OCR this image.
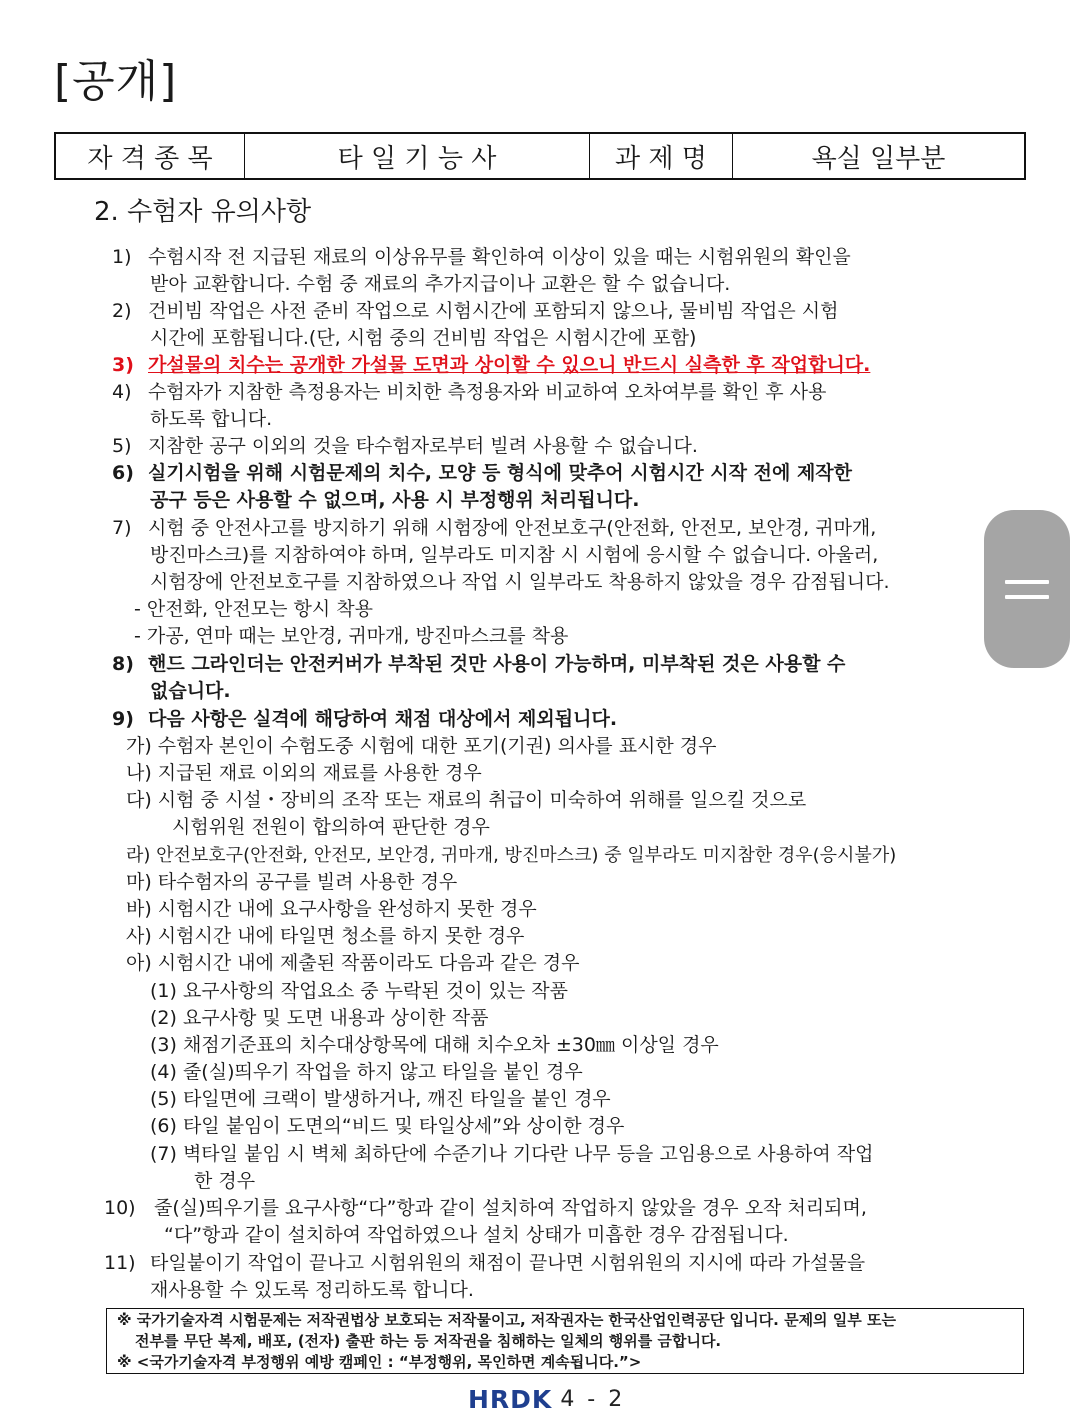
[공개]
자 격 종 목	타 일 기 능 사	과 제 명	욕실 일부분
2. 수험자 유의사항
1) 수험시작 전 지급된 재료의 이상유무를 확인하여 이상이 있을 때는 시험위원의 확인을
받아 교환합니다. 수험 중 재료의 추가지급이나 교환은 할 수 없습니다.
2) 건비빔 작업은 사전 준비 작업으로 시험시간에 포함되지 않으나, 물비빔 작업은 시험
시간에 포함됩니다.(단, 시험 중의 건비빔 작업은 시험시간에 포함)
3) 가설물의 치수는 공개한 가설물 도면과 상이할 수 있으니 반드시 실측한 후 작업합니다.
4) 수험자가 지참한 측정용자는 비치한 측정용자와 비교하여 오차여부를 확인 후 사용
하도록 합니다.
5) 지참한 공구 이외의 것을 타수험자로부터 빌려 사용할 수 없습니다.
6) 실기시험을 위해 시험문제의 치수, 모양 등 형식에 맞추어 시험시간 시작 전에 제작한
공구 등은 사용할 수 없으며, 사용 시 부정행위 처리됩니다.
7) 시험 중 안전사고를 방지하기 위해 시험장에 안전보호구(안전화, 안전모, 보안경, 귀마개,
방진마스크)를 지참하여야 하며, 일부라도 미지참 시 시험에 응시할 수 없습니다. 아울러,
시험장에 안전보호구를 지참하였으나 작업 시 일부라도 착용하지 않았을 경우 감점됩니다.
- 안전화, 안전모는 항시 착용
- 가공, 연마 때는 보안경, 귀마개, 방진마스크를 착용
8) 핸드 그라인더는 안전커버가 부착된 것만 사용이 가능하며, 미부착된 것은 사용할 수
없습니다.
9) 다음 사항은 실격에 해당하여 채점 대상에서 제외됩니다.
가) 수험자 본인이 수험도중 시험에 대한 포기(기권) 의사를 표시한 경우
나) 지급된 재료 이외의 재료를 사용한 경우
다) 시험 중 시설・장비의 조작 또는 재료의 취급이 미숙하여 위해를 일으킬 것으로
시험위원 전원이 합의하여 판단한 경우
라) 안전보호구(안전화, 안전모, 보안경, 귀마개, 방진마스크) 중 일부라도 미지참한 경우(응시불가)
마) 타수험자의 공구를 빌려 사용한 경우
바) 시험시간 내에 요구사항을 완성하지 못한 경우
사) 시험시간 내에 타일면 청소를 하지 못한 경우
아) 시험시간 내에 제출된 작품이라도 다음과 같은 경우
(1) 요구사항의 작업요소 중 누락된 것이 있는 작품
(2) 요구사항 및 도면 내용과 상이한 작품
(3) 채점기준표의 치수대상항목에 대해 치수오차 ±30㎜ 이상일 경우
(4) 줄(실)띄우기 작업을 하지 않고 타일을 붙인 경우
(5) 타일면에 크랙이 발생하거나, 깨진 타일을 붙인 경우
(6) 타일 붙임이 도면의“비드 및 타일상세”와 상이한 경우
(7) 벽타일 붙임 시 벽체 최하단에 수준기나 기다란 나무 등을 고임용으로 사용하여 작업
한 경우
10) 줄(실)띄우기를 요구사항“다”항과 같이 설치하여 작업하지 않았을 경우 오작 처리되며,
“다”항과 같이 설치하여 작업하였으나 설치 상태가 미흡한 경우 감점됩니다.
11) 타일붙이기 작업이 끝나고 시험위원의 채점이 끝나면 시험위원의 지시에 따라 가설물을
재사용할 수 있도록 정리하도록 합니다.
※ 국가기술자격 시험문제는 저작권법상 보호되는 저작물이고, 저작권자는 한국산업인력공단 입니다. 문제의 일부 또는
전부를 무단 복제, 배포, (전자) 출판 하는 등 저작권을 침해하는 일체의 행위를 금합니다.
※ <국가기술자격 부정행위 예방 캠페인 : “부정행위, 목인하면 계속됩니다.”>
HRDK 4 - 2
